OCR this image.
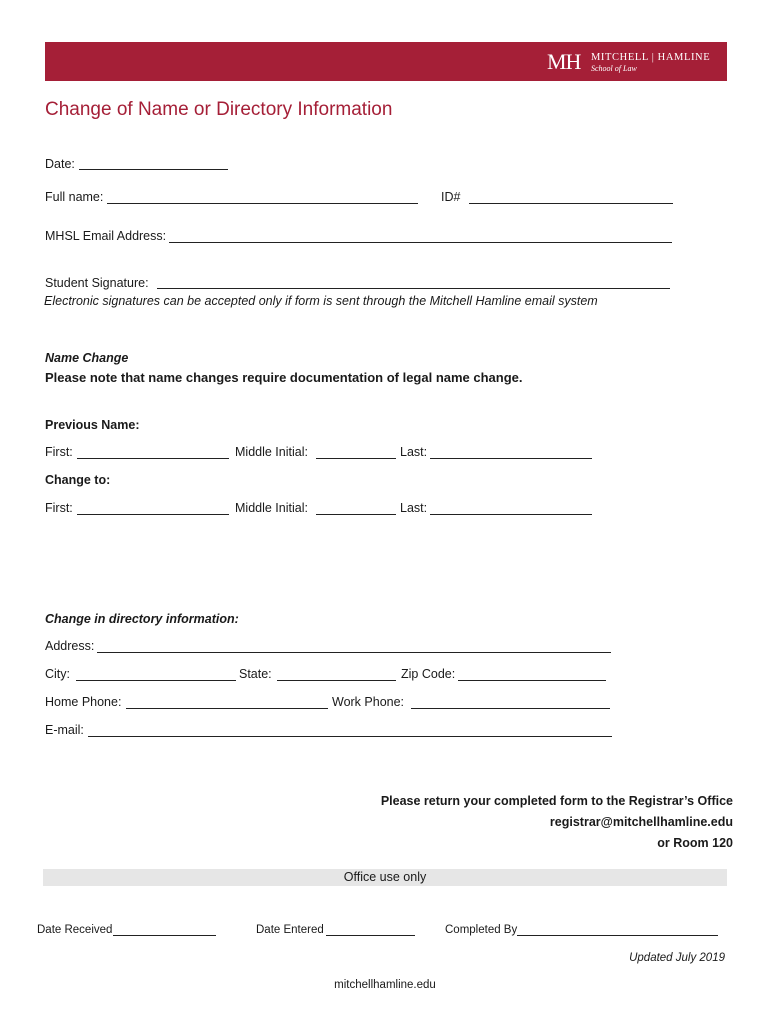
MH MITCHELL | HAMLINE
School of Law
Change of Name or Directory Information
Date:
Full name:	ID#
MHSL Email Address:
Student Signature:
Electronic signatures can be accepted only if form is sent through the Mitchell Hamline email system
Name Change
Please note that name changes require documentation of legal name change.
Previous Name:
First:	Middle Initial:	Last:
Change to:
First:	Middle Initial:	Last:
Change in directory information:
Address:
City:	State:	Zip Code:
Home Phone:	Work Phone:
E-mail:
Please return your completed form to the Registrar’s Office
registrar@mitchellhamline.edu
or Room 120
Office use only
Date Received	Date Entered	Completed By
Updated July 2019
mitchellhamline.edu
